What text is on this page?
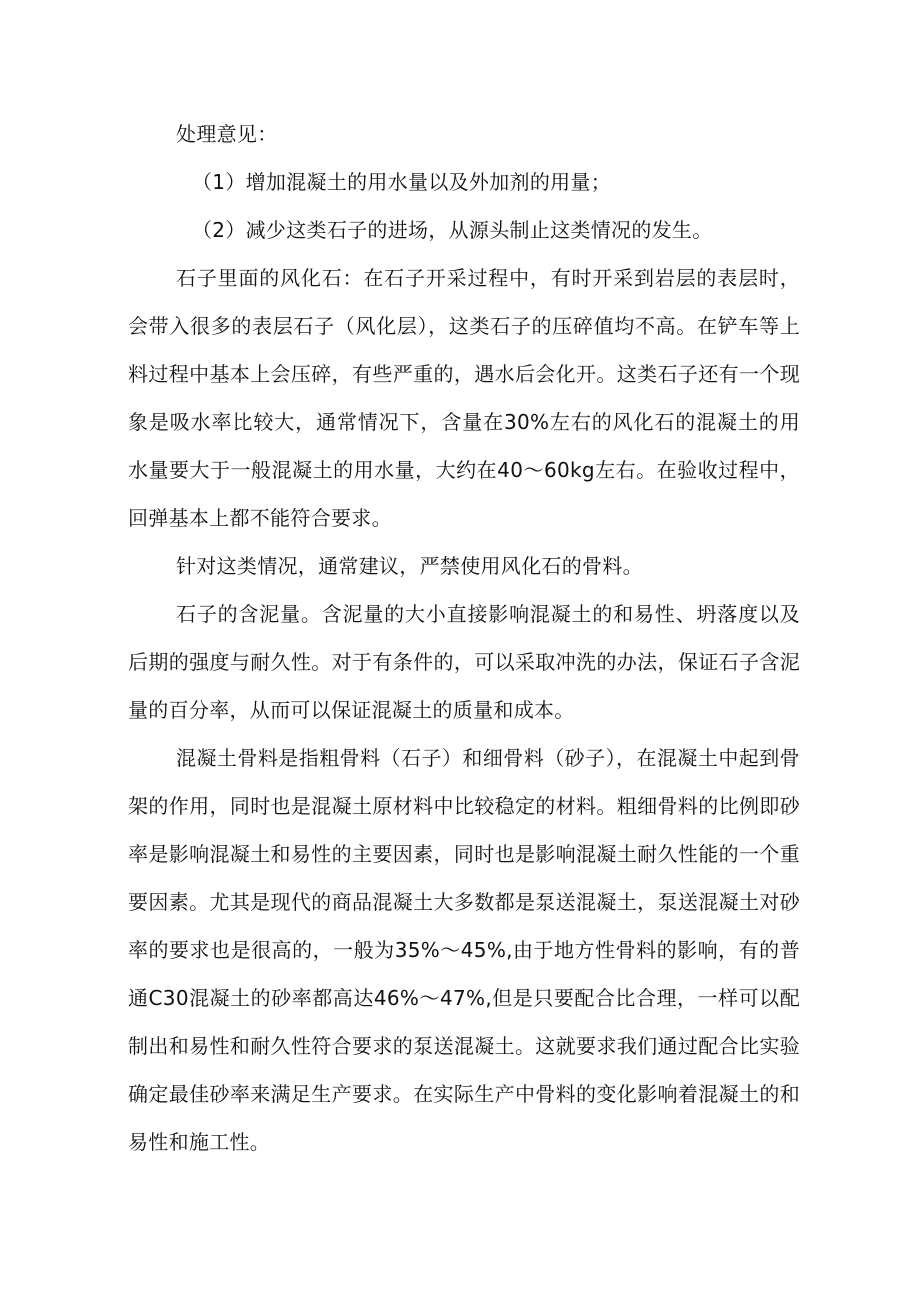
处理意见：

（1）增加混凝土的用水量以及外加剂的用量；

（2）减少这类石子的进场，从源头制止这类情况的发生。

石子里面的风化石：在石子开采过程中，有时开采到岩层的表层时，会带入很多的表层石子（风化层），这类石子的压碎值均不高。在铲车等上料过程中基本上会压碎，有些严重的，遇水后会化开。这类石子还有一个现象是吸水率比较大，通常情况下，含量在30%左右的风化石的混凝土的用水量要大于一般混凝土的用水量，大约在40～60kg左右。在验收过程中，回弹基本上都不能符合要求。

针对这类情况，通常建议，严禁使用风化石的骨料。

石子的含泥量。含泥量的大小直接影响混凝土的和易性、坍落度以及后期的强度与耐久性。对于有条件的，可以采取冲洗的办法，保证石子含泥量的百分率，从而可以保证混凝土的质量和成本。

混凝土骨料是指粗骨料（石子）和细骨料（砂子），在混凝土中起到骨架的作用，同时也是混凝土原材料中比较稳定的材料。粗细骨料的比例即砂率是影响混凝土和易性的主要因素，同时也是影响混凝土耐久性能的一个重要因素。尤其是现代的商品混凝土大多数都是泵送混凝土，泵送混凝土对砂率的要求也是很高的，一般为35%～45%,由于地方性骨料的影响，有的普通C30混凝土的砂率都高达46%～47%,但是只要配合比合理，一样可以配制出和易性和耐久性符合要求的泵送混凝土。这就要求我们通过配合比实验确定最佳砂率来满足生产要求。在实际生产中骨料的变化影响着混凝土的和易性和施工性。
